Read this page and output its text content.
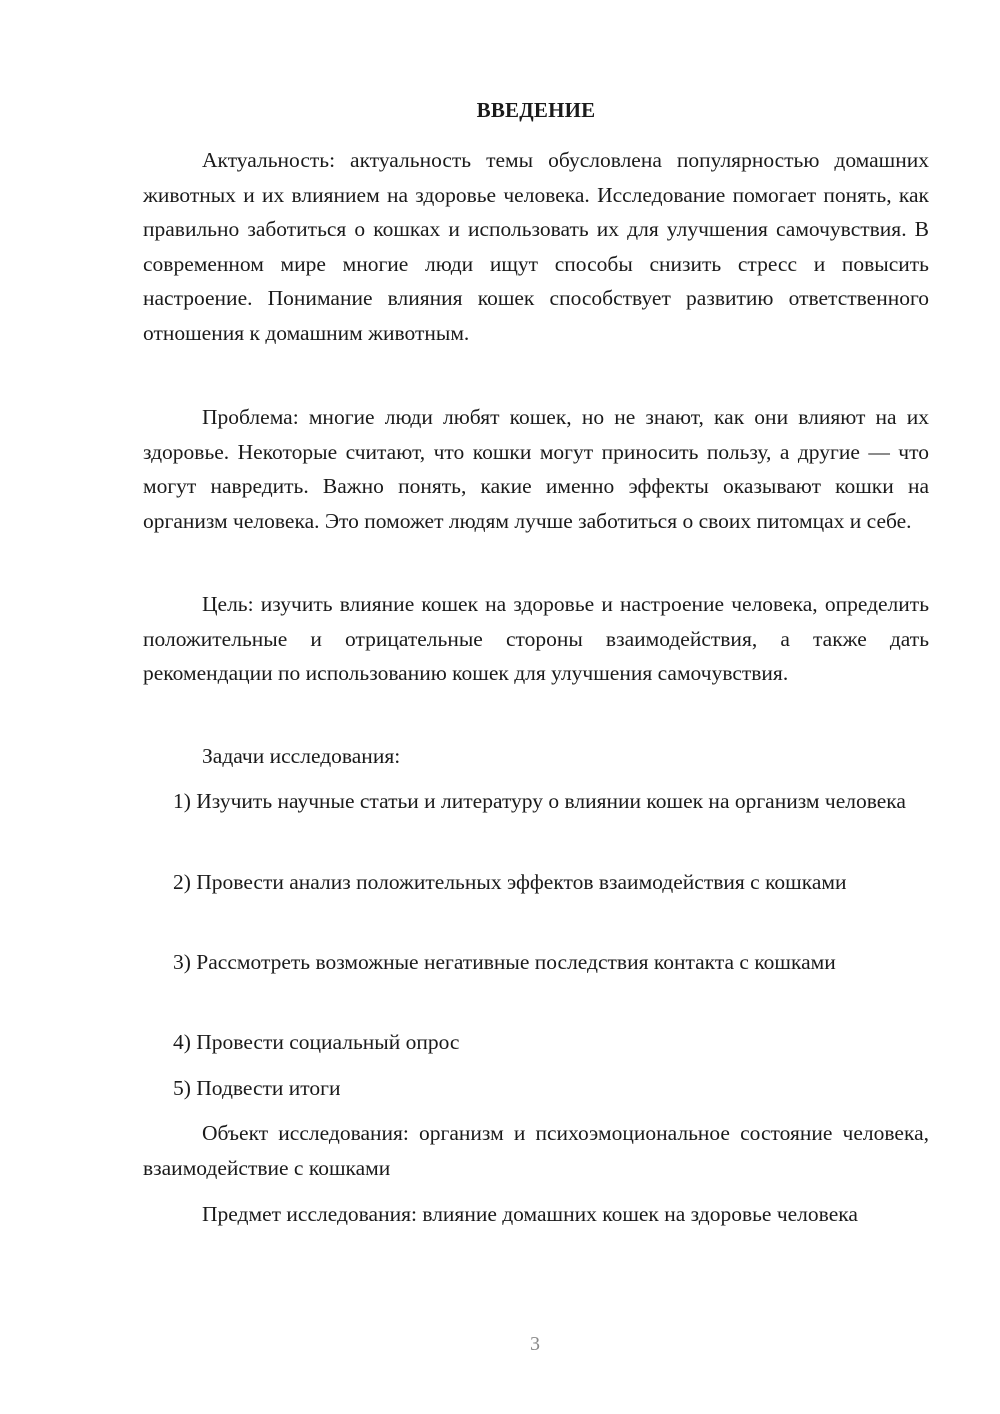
ВВЕДЕНИЕ

Актуальность: актуальность темы обусловлена популярностью домашних животных и их влиянием на здоровье человека. Исследование помогает понять, как правильно заботиться о кошках и использовать их для улучшения самочувствия. В современном мире многие люди ищут способы снизить стресс и повысить настроение. Понимание влияния кошек способствует развитию ответственного отношения к домашним животным.

Проблема: многие люди любят кошек, но не знают, как они влияют на их здоровье. Некоторые считают, что кошки могут приносить пользу, а другие — что могут навредить. Важно понять, какие именно эффекты оказывают кошки на организм человека. Это поможет людям лучше заботиться о своих питомцах и себе.

Цель: изучить влияние кошек на здоровье и настроение человека, определить положительные и отрицательные стороны взаимодействия, а также дать рекомендации по использованию кошек для улучшения самочувствия.

Задачи исследования:

1) Изучить научные статьи и литературу о влиянии кошек на организм человека

2) Провести анализ положительных эффектов взаимодействия с кошками

3) Рассмотреть возможные негативные последствия контакта с кошками

4) Провести социальный опрос

5) Подвести итоги

Объект исследования: организм и психоэмоциональное состояние человека, взаимодействие с кошками

Предмет исследования: влияние домашних кошек на здоровье человека

3
